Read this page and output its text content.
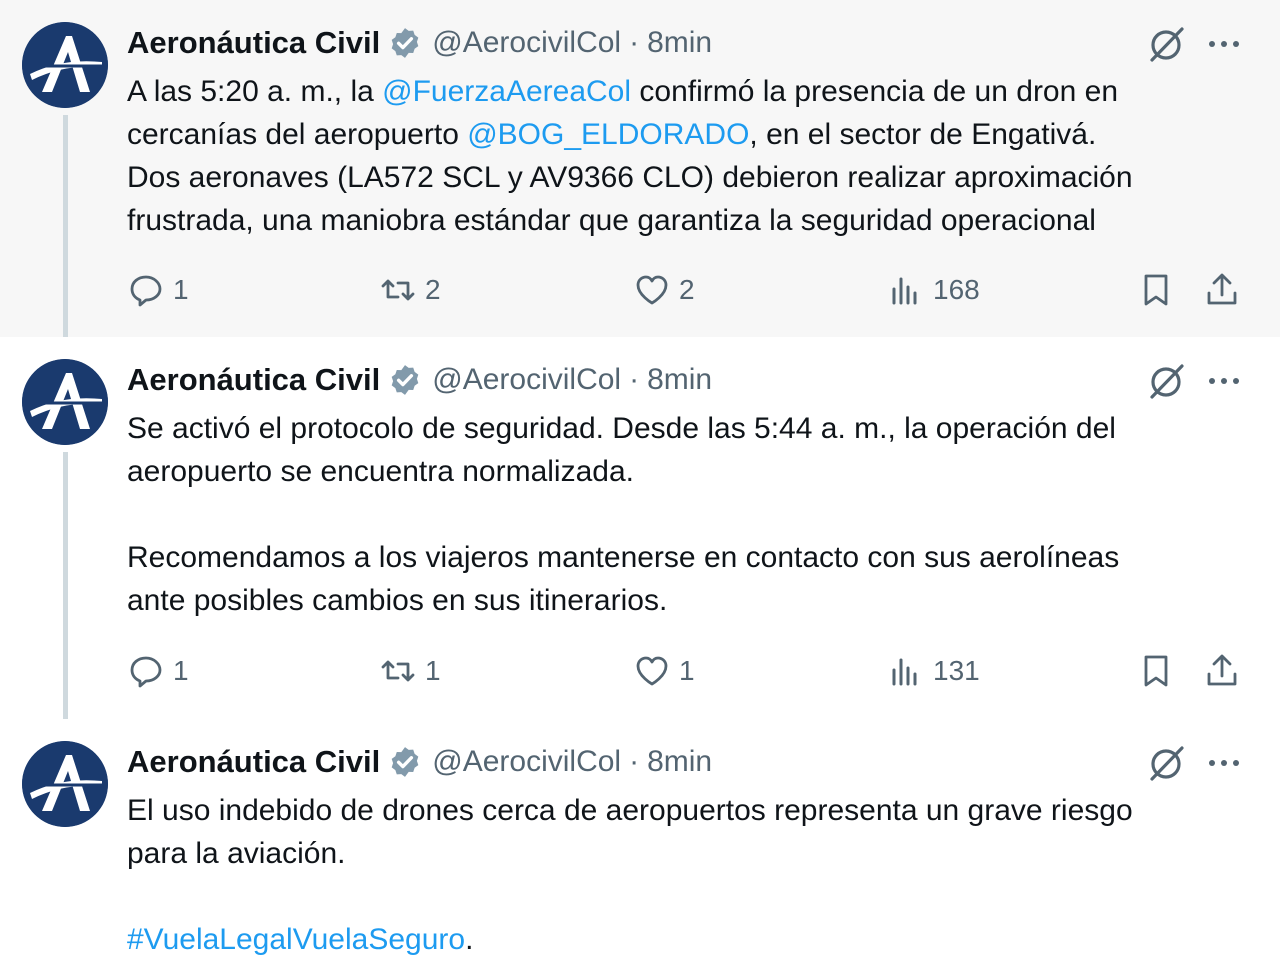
Aeronáutica Civil @AerocivilCol · 8min

A las 5:20 a. m., la @FuerzaAereaCol confirmó la presencia de un dron en

cercanías del aeropuerto @BOG_ELDORADO, en el sector de Engativá.

Dos aeronaves (LA572 SCL y AV9366 CLO) debieron realizar aproximación

frustrada, una maniobra estándar que garantiza la seguridad operacional

1	2	2	168
Aeronáutica Civil @AerocivilCol · 8min

Se activó el protocolo de seguridad. Desde las 5:44 a. m., la operación del

aeropuerto se encuentra normalizada.

Recomendamos a los viajeros mantenerse en contacto con sus aerolíneas

ante posibles cambios en sus itinerarios.

1	1	1	131
Aeronáutica Civil @AerocivilCol · 8min

El uso indebido de drones cerca de aeropuertos representa un grave riesgo

para la aviación.

#VuelaLegalVuelaSeguro.
